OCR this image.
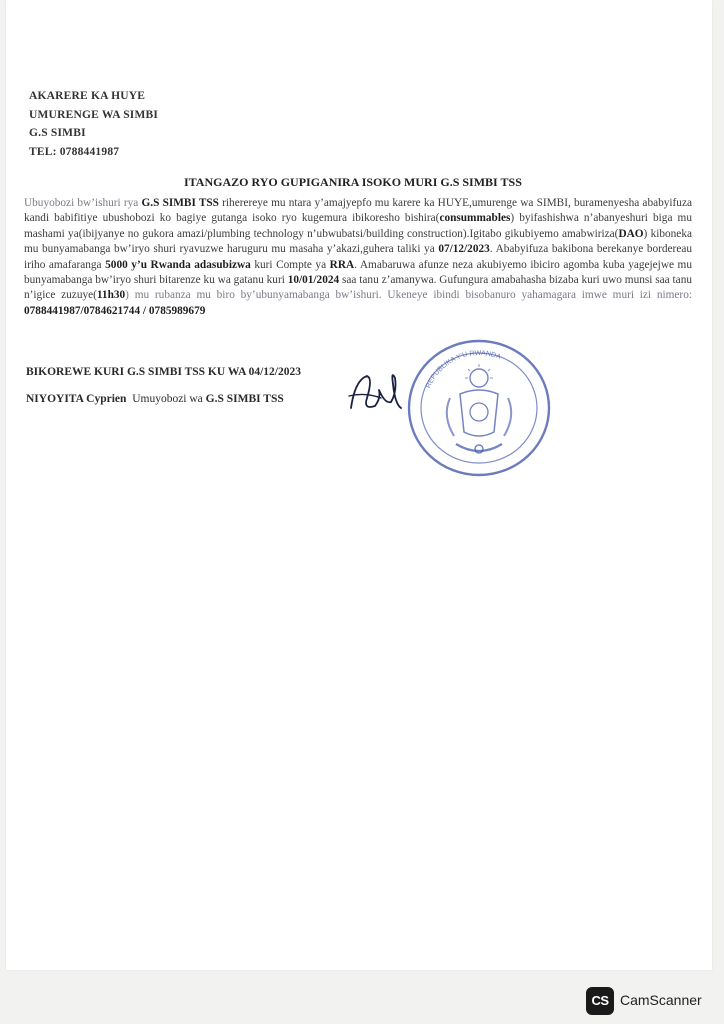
AKARERE KA HUYE
UMURENGE WA SIMBI
G.S SIMBI
TEL: 0788441987
ITANGAZO RYO GUPIGANIRA ISOKO MURI G.S SIMBI TSS
Ubuyobozi bw’ishuri rya G.S SIMBI TSS riherereye mu ntara y’amajyepfo mu karere ka HUYE,umurenge wa SIMBI, buramenyesha ababyifuza kandi babifitiye ubushobozi ko bagiye gutanga isoko ryo kugemura ibikoresho bishira(consummables) byifashishwa n’abanyeshuri biga mu mashami ya(ibijyanye no gukora amazi/plumbing technology n’ubwubatsi/building construction).Igitabo gikubiyemo amabwiriza(DAO) kiboneka mu bunyamabanga bw’iryo shuri ryavuzwe haruguru mu masaha y’akazi,guhera taliki ya 07/12/2023. Ababyifuza bakibona berekanye bordereau iriho amafaranga 5000 y’u Rwanda adasubizwa kuri Compte ya RRA. Amabaruwa afunze neza akubiyemo ibiciro agomba kuba yagejejwe mu bunyamabanga bw’iryo shuri bitarenze ku wa gatanu kuri 10/01/2024 saa tanu z’amanywa. Gufungura amabahasha bizaba kuri uwo munsi saa tanu n’igice zuzuye(11h30) mu rubanza mu biro by’ubunyamabanga bw’ishuri. Ukeneye ibindi bisobanuro yahamagara imwe muri izi nimero: 0788441987/0784621744 / 0785989679
BIKOREWE KURI G.S SIMBI TSS KU WA 04/12/2023
NIYOYITA Cyprien Umuyobozi wa G.S SIMBI TSS
REPUBLIKA Y'U RWANDA
CS CamScanner
